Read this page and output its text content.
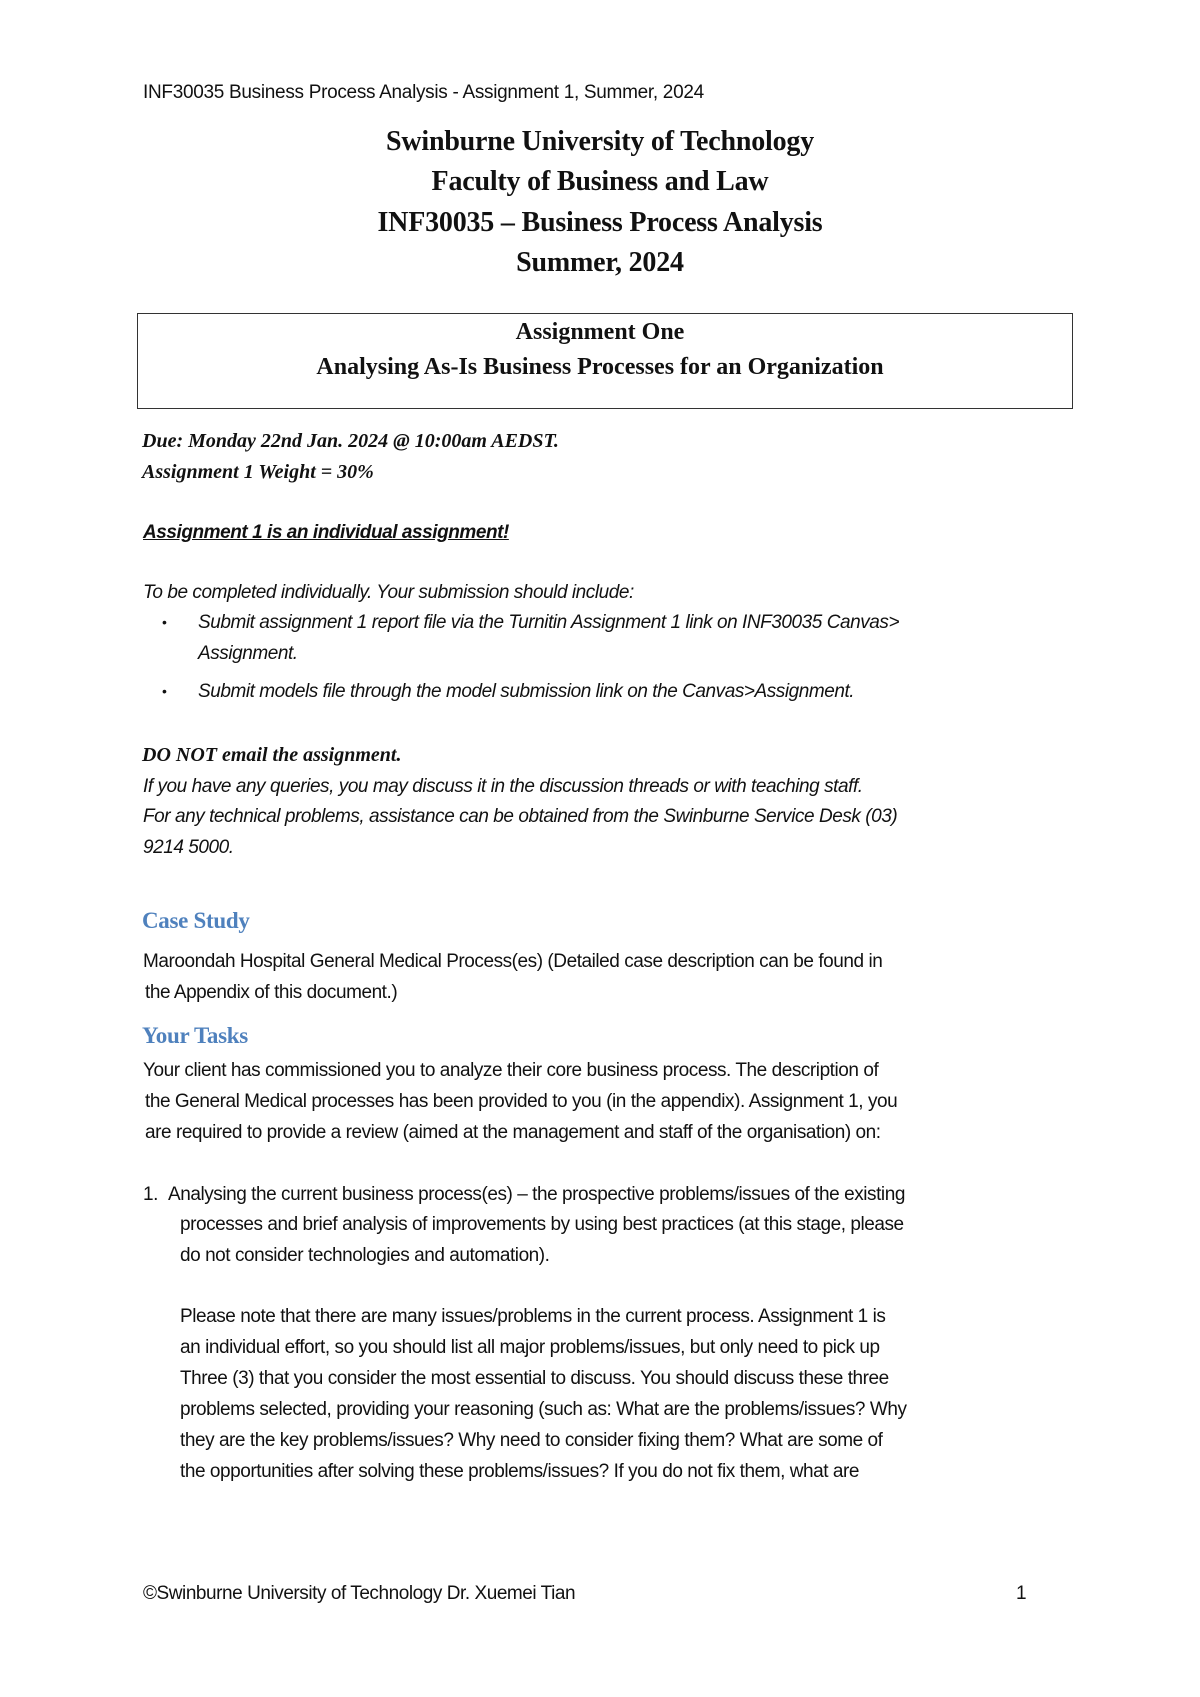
INF30035 Business Process Analysis - Assignment 1, Summer, 2024
Swinburne University of Technology
Faculty of Business and Law
INF30035 – Business Process Analysis
Summer, 2024
Assignment One
Analysing As-Is Business Processes for an Organization
Due: Monday 22nd Jan. 2024 @ 10:00am AEDST.
Assignment 1 Weight = 30%
Assignment 1 is an individual assignment!
To be completed individually. Your submission should include:
• Submit assignment 1 report file via the Turnitin Assignment 1 link on INF30035 Canvas>
Assignment.
• Submit models file through the model submission link on the Canvas>Assignment.
DO NOT email the assignment.
If you have any queries, you may discuss it in the discussion threads or with teaching staff.
For any technical problems, assistance can be obtained from the Swinburne Service Desk (03)
9214 5000.
Case Study
Maroondah Hospital General Medical Process(es) (Detailed case description can be found in
the Appendix of this document.)
Your Tasks
Your client has commissioned you to analyze their core business process. The description of
the General Medical processes has been provided to you (in the appendix). Assignment 1, you
are required to provide a review (aimed at the management and staff of the organisation) on:
1. Analysing the current business process(es) – the prospective problems/issues of the existing
processes and brief analysis of improvements by using best practices (at this stage, please
do not consider technologies and automation).
Please note that there are many issues/problems in the current process. Assignment 1 is
an individual effort, so you should list all major problems/issues, but only need to pick up
Three (3) that you consider the most essential to discuss. You should discuss these three
problems selected, providing your reasoning (such as: What are the problems/issues? Why
they are the key problems/issues? Why need to consider fixing them? What are some of
the opportunities after solving these problems/issues? If you do not fix them, what are
©Swinburne University of Technology Dr. Xuemei Tian	1
